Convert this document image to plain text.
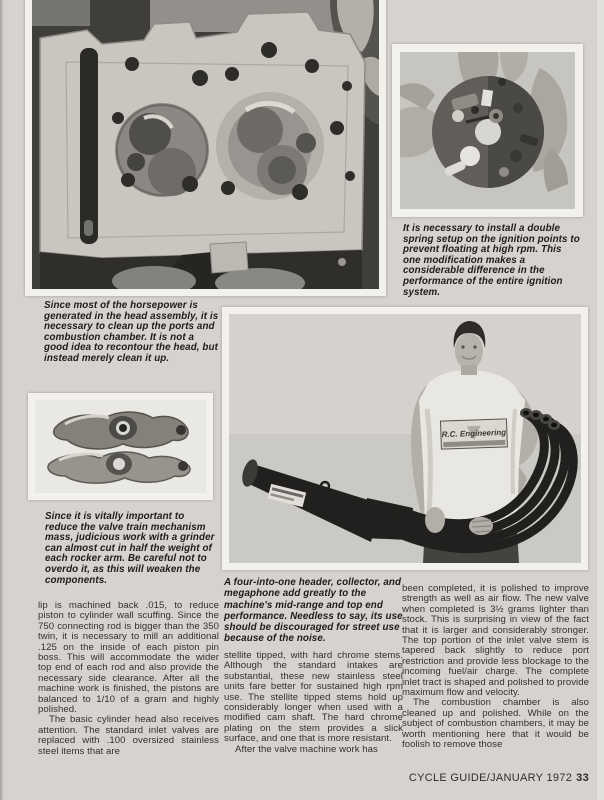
It is necessary to install a double spring setup on the ignition points to prevent floating at high rpm. This one modification makes a considerable difference in the performance of the entire ignition system.
Since most of the horsepower is generated in the head assembly, it is necessary to clean up the ports and combustion chamber. It is not a good idea to recontour the head, but instead merely clean it up.
Since it is vitally important to reduce the valve train mechanism mass, judicious work with a grinder can almost cut in half the weight of each rocker arm. Be careful not to overdo it, as this will weaken the components.
R.C. Engineering
A four-into-one header, collector, and megaphone add greatly to the machine's mid-range and top end performance. Needless to say, its use should be discouraged for street use because of the noise.

lip is machined back .015, to reduce piston to cylinder wall scuffing. Since the 750 connecting rod is bigger than the 350 twin, it is necessary to mill an additional .125 on the inside of each piston pin boss. This will accommodate the wider top end of each rod and also provide the necessary side clearance. After all the machine work is finished, the pistons are balanced to 1/10 of a gram and highly polished.

The basic cylinder head also receives attention. The standard inlet valves are replaced with .100 oversized stainless steel items that are

stellite tipped, with hard chrome stems. Although the standard intakes are substantial, these new stainless steel units fare better for sustained high rpm use. The stellite tipped stems hold up considerably longer when used with a modified cam shaft. The hard chrome plating on the stem provides a slick surface, and one that is more resistant.

After the valve machine work has

been completed, it is polished to improve strength as well as air flow. The new valve when completed is 3½ grams lighter than stock. This is surprising in view of the fact that it is larger and considerably stronger. The top portion of the inlet valve stem is tapered back slightly to reduce port restriction and provide less blockage to the incoming fuel/air charge. The complete inlet tract is shaped and polished to provide maximum flow and velocity.

The combustion chamber is also cleaned up and polished. While on the subject of combustion chambers, it may be worth mentioning here that it would be foolish to remove those

CYCLE GUIDE/JANUARY 1972 33
